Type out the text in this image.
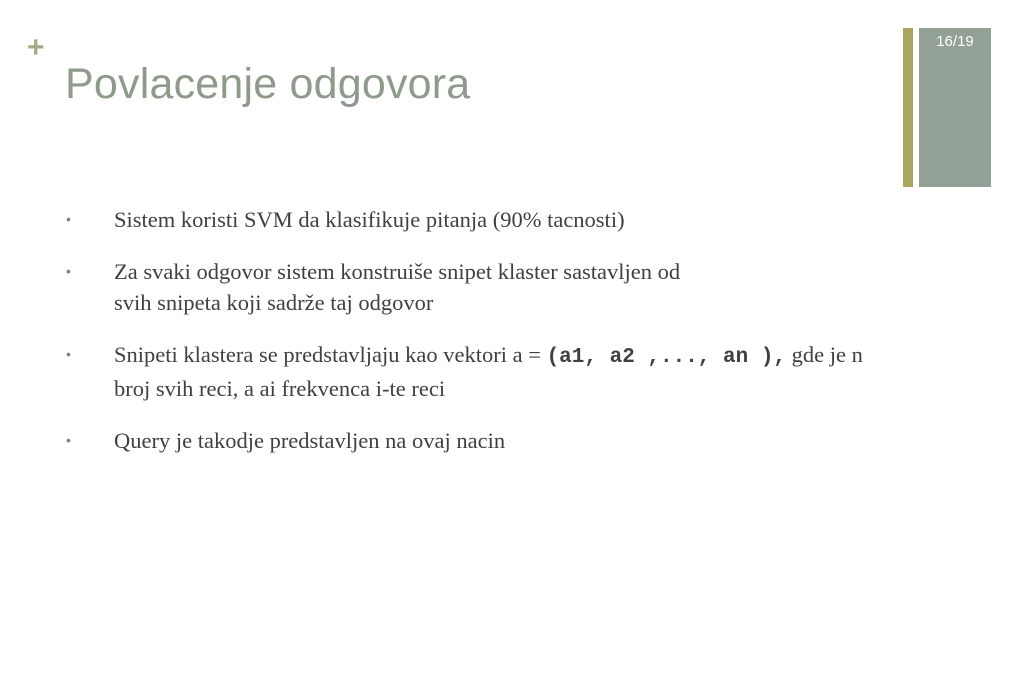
+
Povlacenje odgovora
16/19
• Sistem koristi SVM da klasifikuje pitanja (90% tacnosti)
• Za svaki odgovor sistem konstruiše snipet klaster sastavljen od svih snipeta koji sadrže taj odgovor
• Snipeti klastera se predstavljaju kao vektori a = (a1, a2 ,..., an ), gde je n broj svih reci, a ai frekvenca i-te reci
• Query je takodje predstavljen na ovaj nacin
